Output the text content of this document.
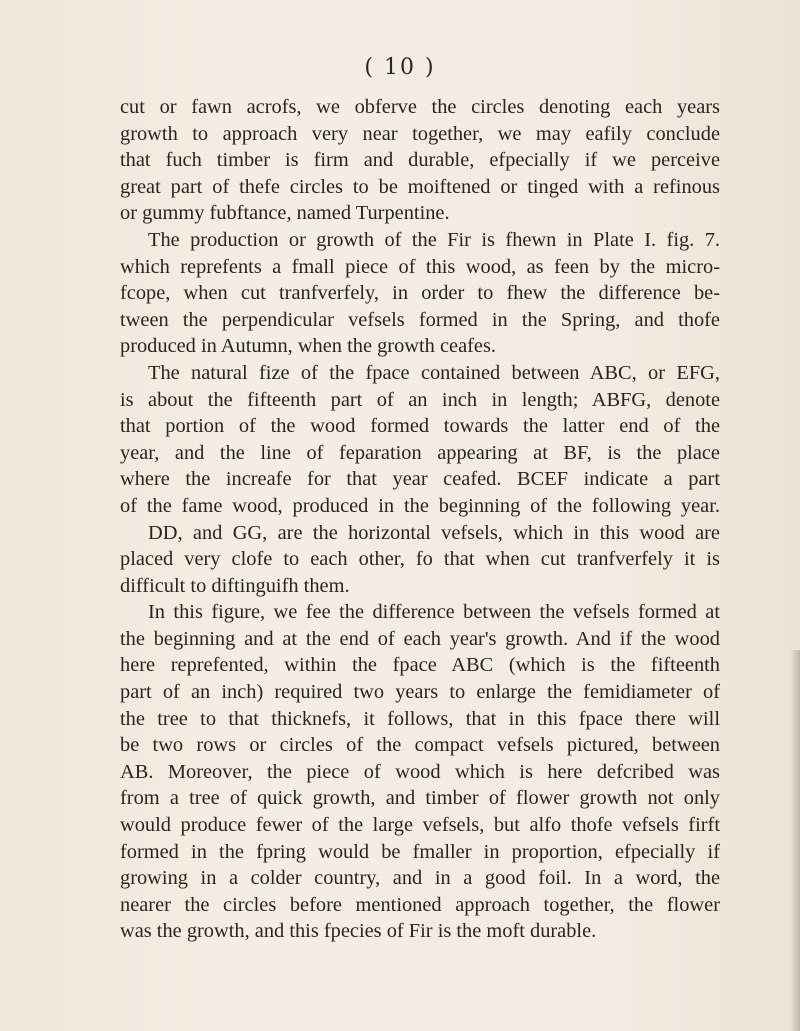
( 10 )
cut or fawn acrofs, we obferve the circles denoting each years
growth to approach very near together, we may eafily conclude
that fuch timber is firm and durable, efpecially if we perceive
great part of thefe circles to be moiftened or tinged with a refinous
or gummy fubftance, named Turpentine.
The production or growth of the Fir is fhewn in Plate I. fig. 7.
which reprefents a fmall piece of this wood, as feen by the micro-
fcope, when cut tranfverfely, in order to fhew the difference be-
tween the perpendicular vefsels formed in the Spring, and thofe
produced in Autumn, when the growth ceafes.
The natural fize of the fpace contained between ABC, or EFG,
is about the fifteenth part of an inch in length; ABFG, denote
that portion of the wood formed towards the latter end of the
year, and the line of feparation appearing at BF, is the place
where the increafe for that year ceafed. BCEF indicate a part
of the fame wood, produced in the beginning of the following year.
DD, and GG, are the horizontal vefsels, which in this wood are
placed very clofe to each other, fo that when cut tranfverfely it is
difficult to diftinguifh them.
In this figure, we fee the difference between the vefsels formed at
the beginning and at the end of each year's growth. And if the wood
here reprefented, within the fpace ABC (which is the fifteenth
part of an inch) required two years to enlarge the femidiameter of
the tree to that thicknefs, it follows, that in this fpace there will
be two rows or circles of the compact vefsels pictured, between
AB. Moreover, the piece of wood which is here defcribed was
from a tree of quick growth, and timber of flower growth not only
would produce fewer of the large vefsels, but alfo thofe vefsels firft
formed in the fpring would be fmaller in proportion, efpecially if
growing in a colder country, and in a good foil. In a word, the
nearer the circles before mentioned approach together, the flower
was the growth, and this fpecies of Fir is the moft durable.
